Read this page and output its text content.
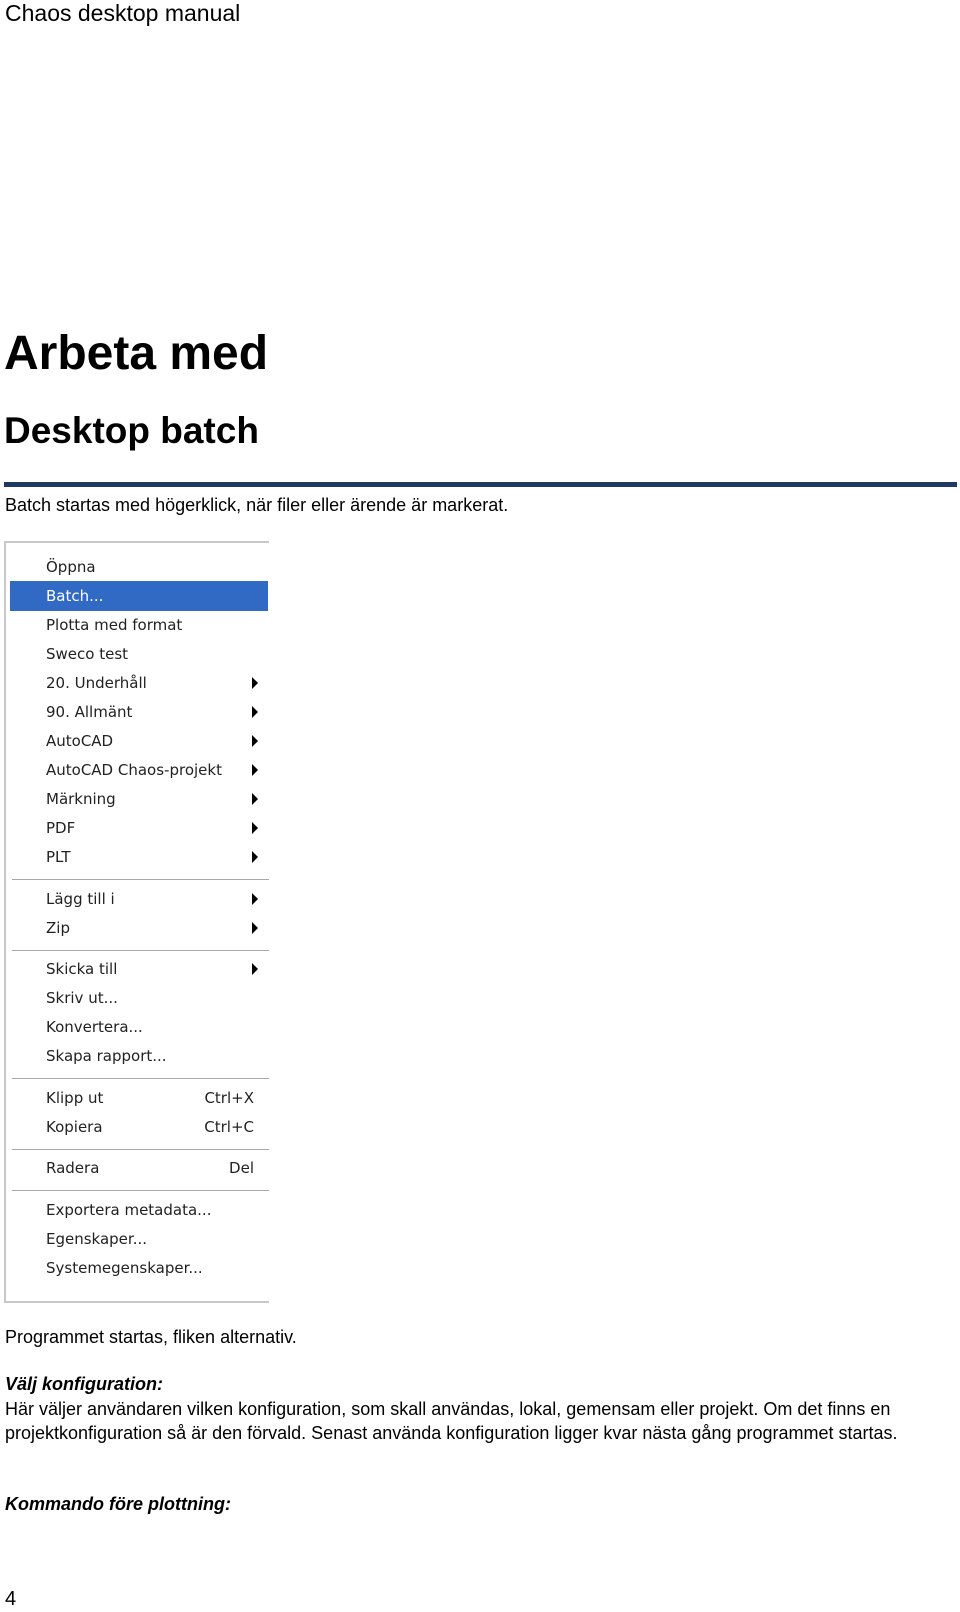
Chaos desktop manual
Arbeta med
Desktop batch
Batch startas med högerklick, när filer eller ärende är markerat.
Öppna
Batch...
Plotta med format
Sweco test
20. Underhåll
90. Allmänt
AutoCAD
AutoCAD Chaos-projekt
Märkning
PDF
PLT
Lägg till i
Zip
Skicka till
Skriv ut...
Konvertera...
Skapa rapport...
Klipp ut	Ctrl+X
Kopiera	Ctrl+C
Radera	Del
Exportera metadata...
Egenskaper...
Systemegenskaper...
Programmet startas, fliken alternativ.
Välj konfiguration:
Här väljer användaren vilken konfiguration, som skall användas, lokal, gemensam eller projekt. Om det finns en projektkonfiguration så är den förvald. Senast använda konfiguration ligger kvar nästa gång programmet startas.
Kommando före plottning:
4
